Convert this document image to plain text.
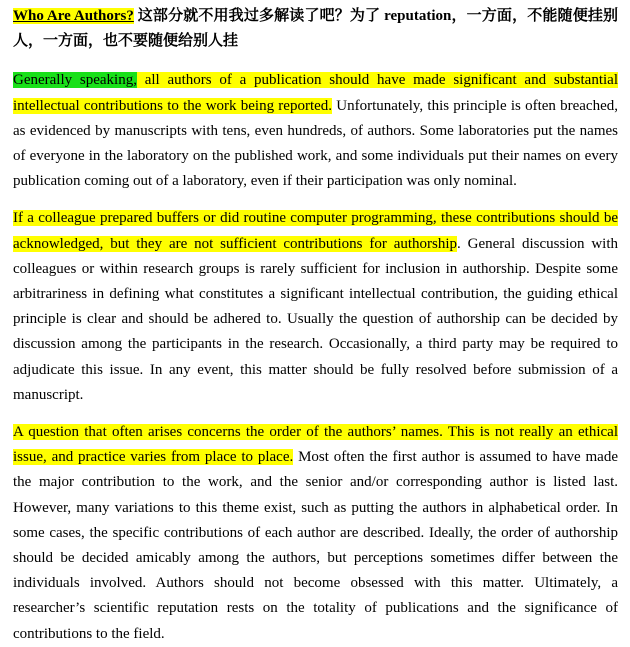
Who Are Authors? 这部分就不用我过多解读了吧？为了 reputation，一方面，不能随便挂别人，一方面，也不要随便给别人挂

Generally speaking, all authors of a publication should have made significant and substantial intellectual contributions to the work being reported. Unfortunately, this principle is often breached, as evidenced by manuscripts with tens, even hundreds, of authors. Some laboratories put the names of everyone in the laboratory on the published work, and some individuals put their names on every publication coming out of a laboratory, even if their participation was only nominal.

If a colleague prepared buffers or did routine computer programming, these contributions should be acknowledged, but they are not sufficient contributions for authorship. General discussion with colleagues or within research groups is rarely sufficient for inclusion in authorship. Despite some arbitrariness in defining what constitutes a significant intellectual contribution, the guiding ethical principle is clear and should be adhered to. Usually the question of authorship can be decided by discussion among the participants in the research. Occasionally, a third party may be required to adjudicate this issue. In any event, this matter should be fully resolved before submission of a manuscript.

A question that often arises concerns the order of the authors’ names. This is not really an ethical issue, and practice varies from place to place. Most often the first author is assumed to have made the major contribution to the work, and the senior and/or corresponding author is listed last. However, many variations to this theme exist, such as putting the authors in alphabetical order. In some cases, the specific contributions of each author are described. Ideally, the order of authorship should be decided amicably among the authors, but perceptions sometimes differ between the individuals involved. Authors should not become obsessed with this matter. Ultimately, a researcher’s scientific reputation rests on the totality of publications and the significance of contributions to the field.
